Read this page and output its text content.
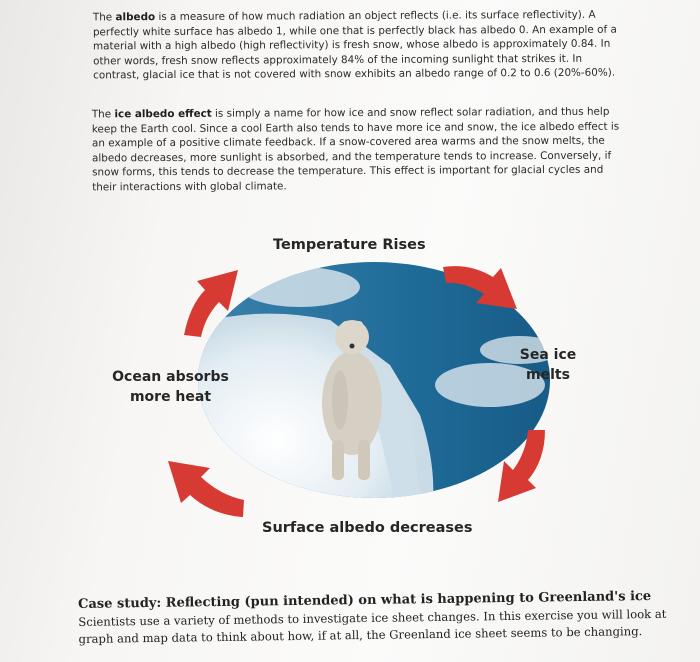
The albedo is a measure of how much radiation an object reflects (i.e. its surface reflectivity). A perfectly white surface has albedo 1, while one that is perfectly black has albedo 0. An example of a material with a high albedo (high reflectivity) is fresh snow, whose albedo is approximately 0.84. In other words, fresh snow reflects approximately 84% of the incoming sunlight that strikes it. In contrast, glacial ice that is not covered with snow exhibits an albedo range of 0.2 to 0.6 (20%-60%).
The ice albedo effect is simply a name for how ice and snow reflect solar radiation, and thus help keep the Earth cool. Since a cool Earth also tends to have more ice and snow, the ice albedo effect is an example of a positive climate feedback. If a snow-covered area warms and the snow melts, the albedo decreases, more sunlight is absorbed, and the temperature tends to increase. Conversely, if snow forms, this tends to decrease the temperature. This effect is important for glacial cycles and their interactions with global climate.
Temperature Rises
Sea ice melts
Surface albedo decreases
Ocean absorbs more heat
Case study: Reflecting (pun intended) on what is happening to Greenland's ice
Scientists use a variety of methods to investigate ice sheet changes. In this exercise you will look at graph and map data to think about how, if at all, the Greenland ice sheet seems to be changing.
